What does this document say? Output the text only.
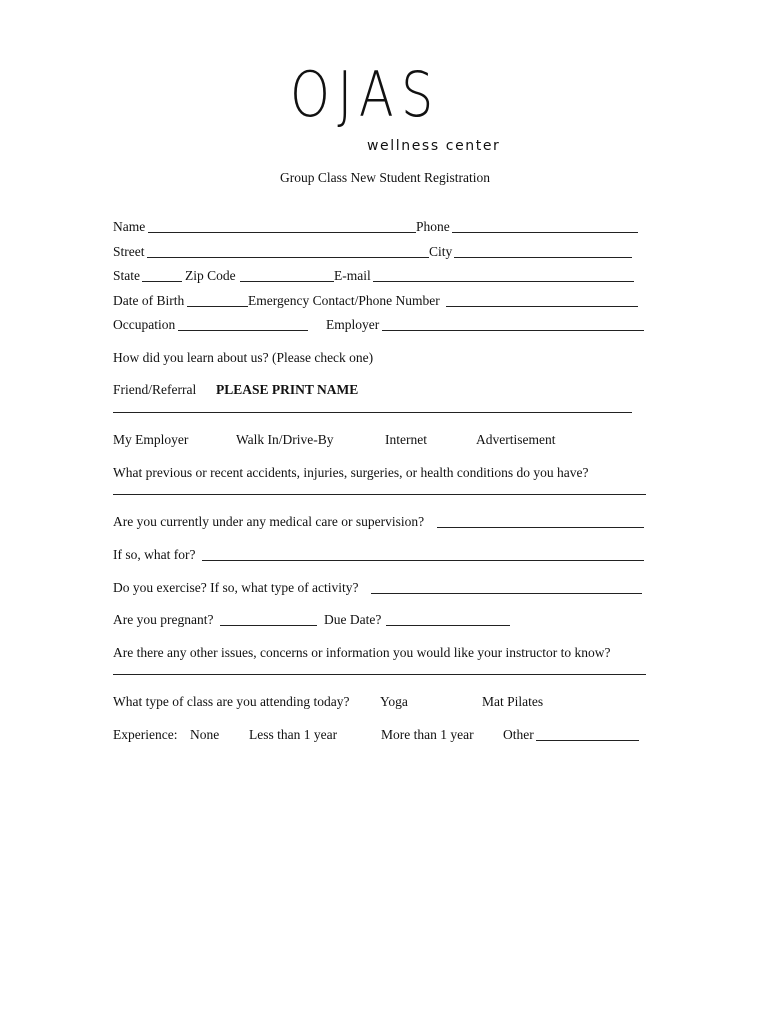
OJAS
wellness center
Group Class New Student Registration
Name	Phone
Street	City
State	Zip Code	E-mail
Date of Birth	Emergency Contact/Phone Number
Occupation	Employer
How did you learn about us? (Please check one)
Friend/Referral PLEASE PRINT NAME
My Employer	Walk In/Drive-By	Internet	Advertisement
What previous or recent accidents, injuries, surgeries, or health conditions do you have?
Are you currently under any medical care or supervision?
If so, what for?
Do you exercise? If so, what type of activity?
Are you pregnant?	Due Date?
Are there any other issues, concerns or information you would like your instructor to know?
What type of class are you attending today? Yoga	Mat Pilates
Experience: None Less than 1 year	More than 1 year Other
